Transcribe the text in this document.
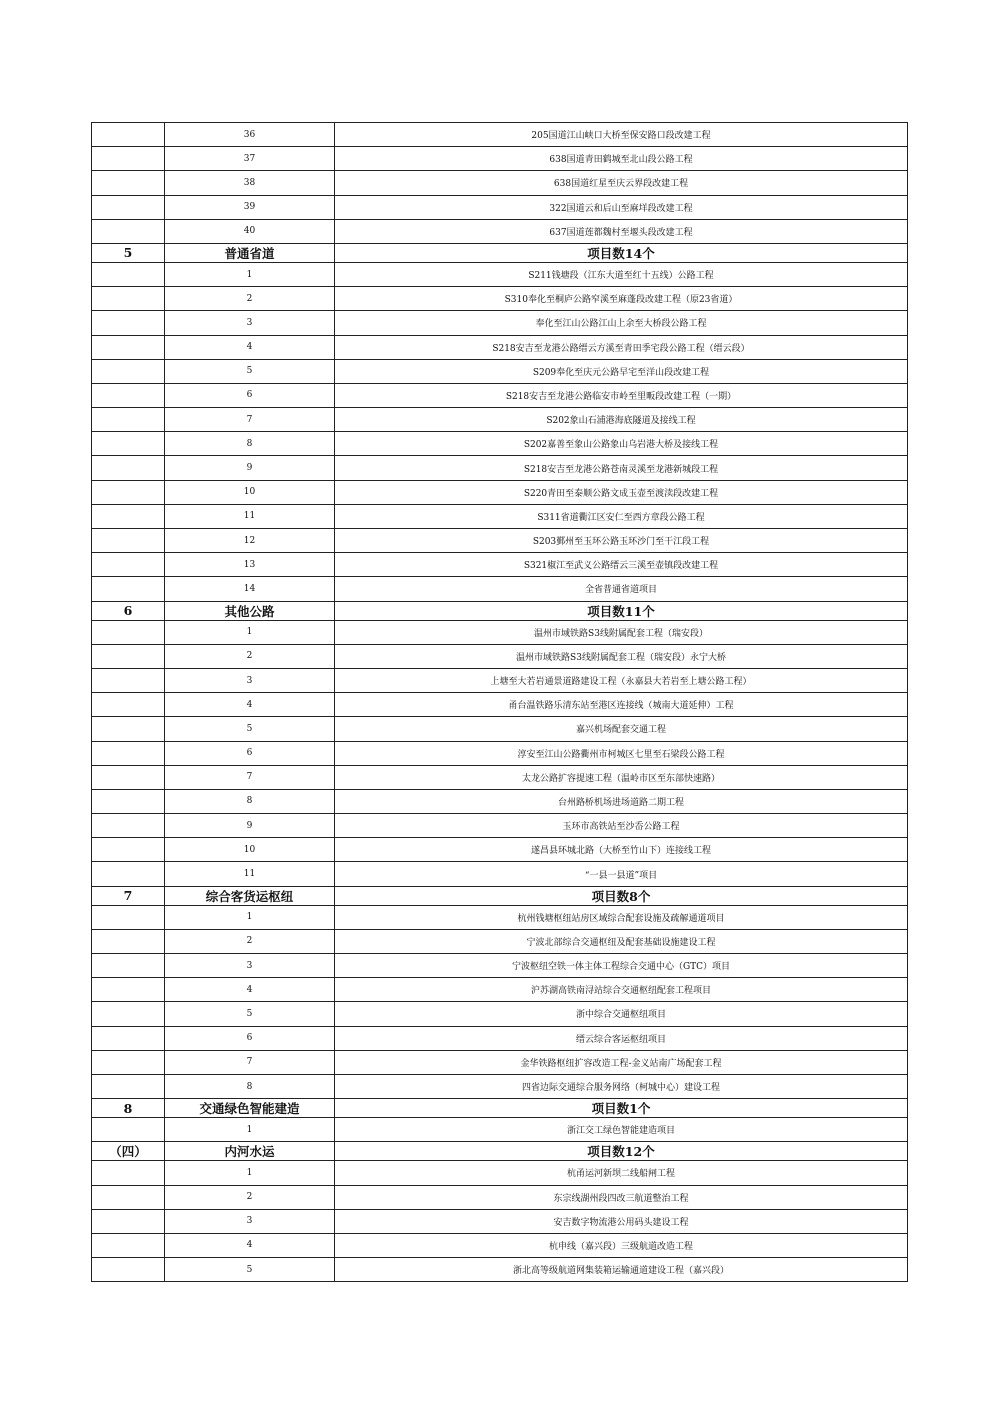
	36	205国道江山峡口大桥至保安路口段改建工程
	37	638国道青田鹤城至北山段公路工程
	38	638国道红星至庆云界段改建工程
	39	322国道云和后山至麻垟段改建工程
	40	637国道莲都魏村至堰头段改建工程
5	普通省道	项目数14个
	1	S211钱塘段（江东大道至红十五线）公路工程
	2	S310奉化至桐庐公路窄溪至麻蓬段改建工程（原23省道）
	3	奉化至江山公路江山上余至大桥段公路工程
	4	S218安吉至龙港公路缙云方溪至青田季宅段公路工程（缙云段）
	5	S209奉化至庆元公路早宅至洋山段改建工程
	6	S218安吉至龙港公路临安市岭至里畈段改建工程（一期）
	7	S202象山石浦港海底隧道及接线工程
	8	S202嘉善至象山公路象山乌岩港大桥及接线工程
	9	S218安吉至龙港公路苍南灵溪至龙港新城段工程
	10	S220青田至泰顺公路文成玉壶至渡渎段改建工程
	11	S311省道衢江区安仁至西方章段公路工程
	12	S203鄞州至玉环公路玉环沙门至干江段工程
	13	S321椒江至武义公路缙云三溪至壶镇段改建工程
	14	全省普通省道项目
6	其他公路	项目数11个
	1	温州市域铁路S3线附属配套工程（瑞安段）
	2	温州市域铁路S3线附属配套工程（瑞安段）永宁大桥
	3	上塘至大若岩通景道路建设工程（永嘉县大若岩至上塘公路工程）
	4	甬台温铁路乐清东站至港区连接线（城南大道延伸）工程
	5	嘉兴机场配套交通工程
	6	淳安至江山公路衢州市柯城区七里至石梁段公路工程
	7	太龙公路扩容提速工程（温岭市区至东部快速路）
	8	台州路桥机场进场道路二期工程
	9	玉环市高铁站至沙岙公路工程
	10	遂昌县环城北路（大桥至竹山下）连接线工程
	11	“一县一县道”项目
7	综合客货运枢纽	项目数8个
	1	杭州钱塘枢纽站房区域综合配套设施及疏解通道项目
	2	宁波北部综合交通枢纽及配套基础设施建设工程
	3	宁波枢纽空铁一体主体工程综合交通中心（GTC）项目
	4	沪苏湖高铁南浔站综合交通枢纽配套工程项目
	5	浙中综合交通枢纽项目
	6	缙云综合客运枢纽项目
	7	金华铁路枢纽扩容改造工程-金义站南广场配套工程
	8	四省边际交通综合服务网络（柯城中心）建设工程
8	交通绿色智能建造	项目数1个
	1	浙江交工绿色智能建造项目
（四）	内河水运	项目数12个
	1	杭甬运河新坝二线船闸工程
	2	东宗线湖州段四改三航道整治工程
	3	安吉数字物流港公用码头建设工程
	4	杭申线（嘉兴段）三级航道改造工程
	5	浙北高等级航道网集装箱运输通道建设工程（嘉兴段）
